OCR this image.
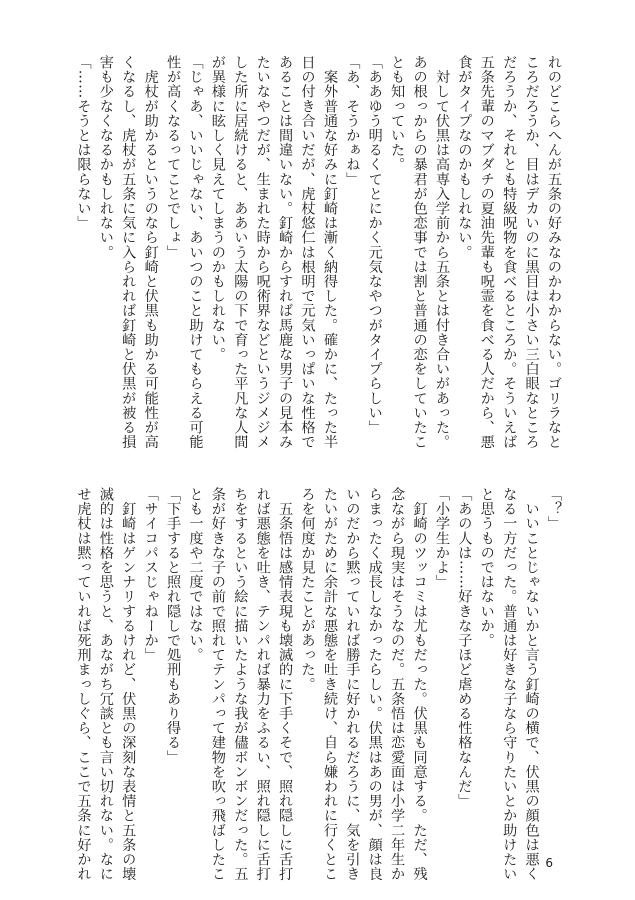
れのどこらへんが五条の好みなのかわからない。ゴリラなと
ころだろうか、目はデカいのに黒目は小さい三白眼なところ
だろうか、それとも特級呪物を食べるところか。そういえば
五条先輩のマブダチの夏油先輩も呪霊を食べる人だから、悪
食がタイプなのかもしれない。
　対して伏黒は高専入学前から五条とは付き合いがあった。
あの根っからの暴君が色恋事では割と普通の恋をしていたこ
とも知っていた。
「ああゆう明るくてとにかく元気なやつがタイプらしい」
「あ、そうかぁね」
　案外普通な好みに釘崎は漸く納得した。確かに、たった半
日の付き合いだが、虎杖悠仁は根明で元気いっぱいな性格で
あることは間違いない。釘崎からすれば馬鹿な男子の見本み
たいなやつだが、生まれた時から呪術界などというジメジメ
した所に居続けると、ああいう太陽の下で育った平凡な人間
が異様に眩しく見えてしまうのかもしれない。
「じゃあ、いいじゃない、あいつのこと助けてもらえる可能
性が高くなるってことでしょ」
　虎杖が助かるというのなら釘崎と伏黒も助かる可能性が高
くなるし、虎杖が五条に気に入られれば釘崎と伏黒が被る損
害も少なくなるかもしれない。
「……そうとは限らない」
「？」
　いいことじゃないかと言う釘崎の横で、伏黒の顔色は悪く
なる一方だった。普通は好きな子なら守りたいとか助けたい
と思うものではないか。
「あの人は……好きな子ほど虐める性格なんだ」
「小学生かよ」
　釘崎のツッコミは尤もだった。伏黒も同意する。ただ、残
念ながら現実はそうなのだ。五条悟は恋愛面は小学二年生か
らまったく成長しなかったらしい。伏黒はあの男が、顔は良
いのだから黙っていれば勝手に好かれるだろうに、気を引き
たいがために余計な悪態を吐き続け、自ら嫌われに行くとこ
ろを何度か見たことがあった。
　五条悟は感情表現も壊滅的に下手くそで、照れ隠しに舌打
れば悪態を吐き、テンパれば暴力をふるい、照れ隠しに舌打
ちをするという絵に描いたような我が儘ボンボンだった。五
条が好きな子の前で照れてテンパって建物を吹っ飛ばしたこ
とも一度や二度ではない。
「下手すると照れ隠しで処刑もあり得る」
「サイコパスじゃねーか」
　釘崎はゲンナリするけれど、伏黒の深刻な表情と五条の壊
滅的は性格を思うと、あながち冗談とも言い切れない。なに
せ虎杖は黙っていれば死刑まっしぐら、ここで五条に好かれ	6
